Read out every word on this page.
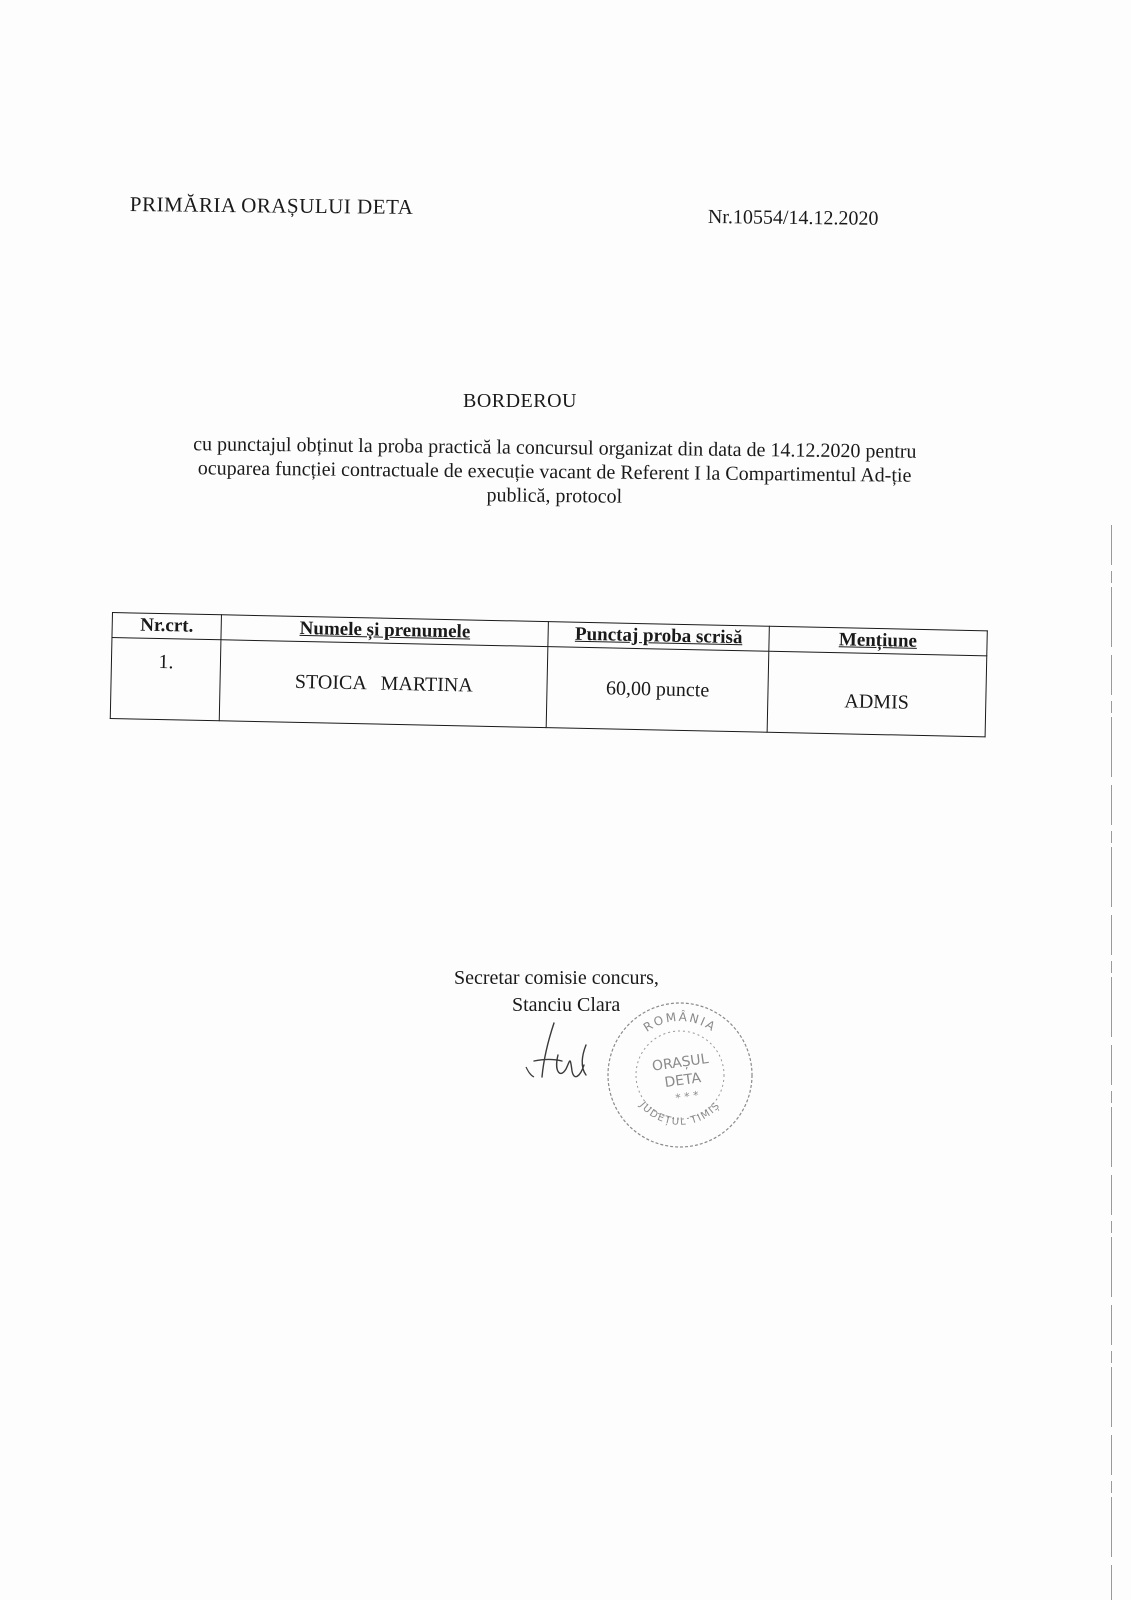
PRIMĂRIA ORAȘULUI DETA	Nr.10554/14.12.2020
BORDEROU
cu punctajul obținut la proba practică la concursul organizat din data de 14.12.2020 pentru
ocuparea funcției contractuale de execuție vacant de Referent I la Compartimentul Ad-ție
publică, protocol
Nr.crt.	Numele și prenumele	Punctaj proba scrisă	Mențiune
1.	STOICA   MARTINA	60,00 puncte	ADMIS
Secretar comisie concurs,
Stanciu Clara
ROMÂNIA
JUDEȚUL TIMIȘ
ORAȘUL
DETA
* * *
